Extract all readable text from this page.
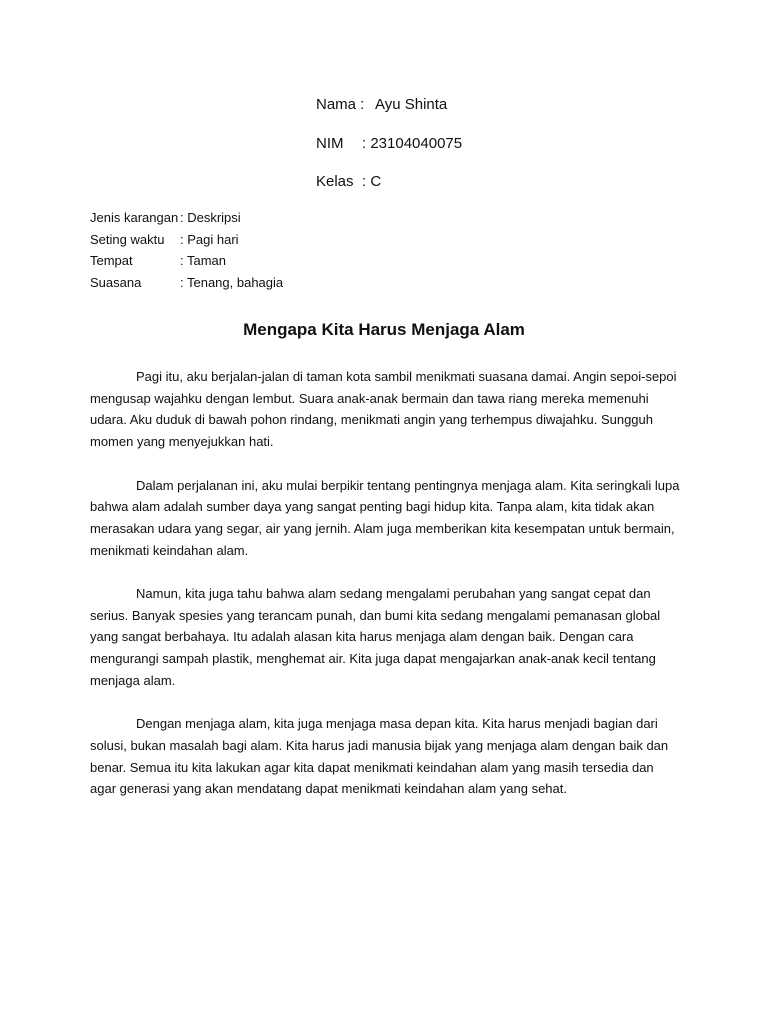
Nama : Ayu Shinta
NIM : 23104040075
Kelas : C
Jenis karangan : Deskripsi
Seting waktu : Pagi hari
Tempat	: Taman
Suasana	: Tenang, bahagia
Mengapa Kita Harus Menjaga Alam

Pagi itu, aku berjalan-jalan di taman kota sambil menikmati suasana damai. Angin sepoi-sepoi mengusap wajahku dengan lembut. Suara anak-anak bermain dan tawa riang mereka memenuhi udara. Aku duduk di bawah pohon rindang, menikmati angin yang terhempus diwajahku. Sungguh momen yang menyejukkan hati.

Dalam perjalanan ini, aku mulai berpikir tentang pentingnya menjaga alam. Kita seringkali lupa bahwa alam adalah sumber daya yang sangat penting bagi hidup kita. Tanpa alam, kita tidak akan merasakan udara yang segar, air yang jernih. Alam juga memberikan kita kesempatan untuk bermain, menikmati keindahan alam.

Namun, kita juga tahu bahwa alam sedang mengalami perubahan yang sangat cepat dan serius. Banyak spesies yang terancam punah, dan bumi kita sedang mengalami pemanasan global yang sangat berbahaya. Itu adalah alasan kita harus menjaga alam dengan baik. Dengan cara mengurangi sampah plastik, menghemat air. Kita juga dapat mengajarkan anak-anak kecil tentang menjaga alam.

Dengan menjaga alam, kita juga menjaga masa depan kita. Kita harus menjadi bagian dari solusi, bukan masalah bagi alam. Kita harus jadi manusia bijak yang menjaga alam dengan baik dan benar. Semua itu kita lakukan agar kita dapat menikmati keindahan alam yang masih tersedia dan agar generasi yang akan mendatang dapat menikmati keindahan alam yang sehat.
